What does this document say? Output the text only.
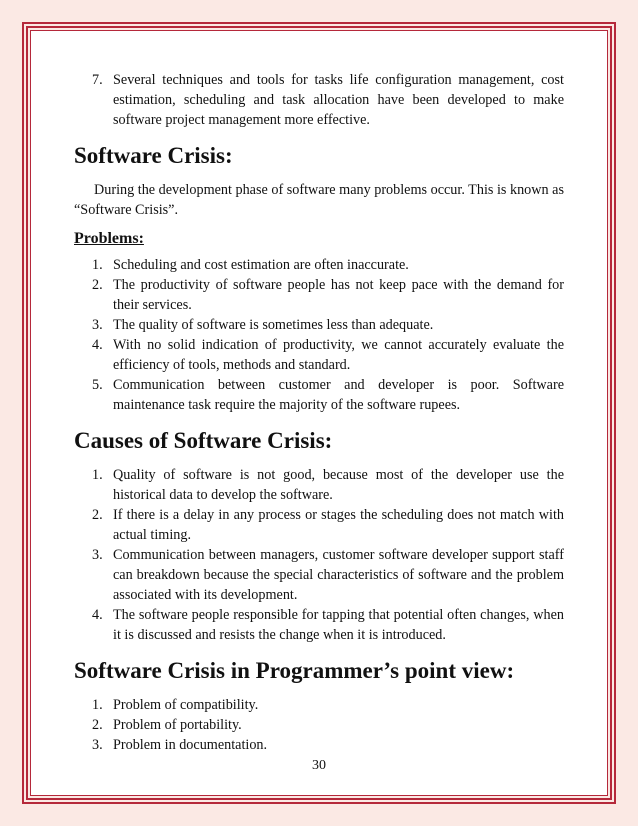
7. Several techniques and tools for tasks life configuration management, cost estimation, scheduling and task allocation have been developed to make software project management more effective.
Software Crisis:

During the development phase of software many problems occur. This is known as “Software Crisis”.

Problems:
1. Scheduling and cost estimation are often inaccurate.
2. The productivity of software people has not keep pace with the demand for their services.
3. The quality of software is sometimes less than adequate.
4. With no solid indication of productivity, we cannot accurately evaluate the efficiency of tools, methods and standard.
5. Communication between customer and developer is poor. Software maintenance task require the majority of the software rupees.
Causes of Software Crisis:
1. Quality of software is not good, because most of the developer use the historical data to develop the software.
2. If there is a delay in any process or stages the scheduling does not match with actual timing.
3. Communication between managers, customer software developer support staff can breakdown because the special characteristics of software and the problem associated with its development.
4. The software people responsible for tapping that potential often changes, when it is discussed and resists the change when it is introduced.
Software Crisis in Programmer’s point view:
1. Problem of compatibility.
2. Problem of portability.
3. Problem in documentation.
30
